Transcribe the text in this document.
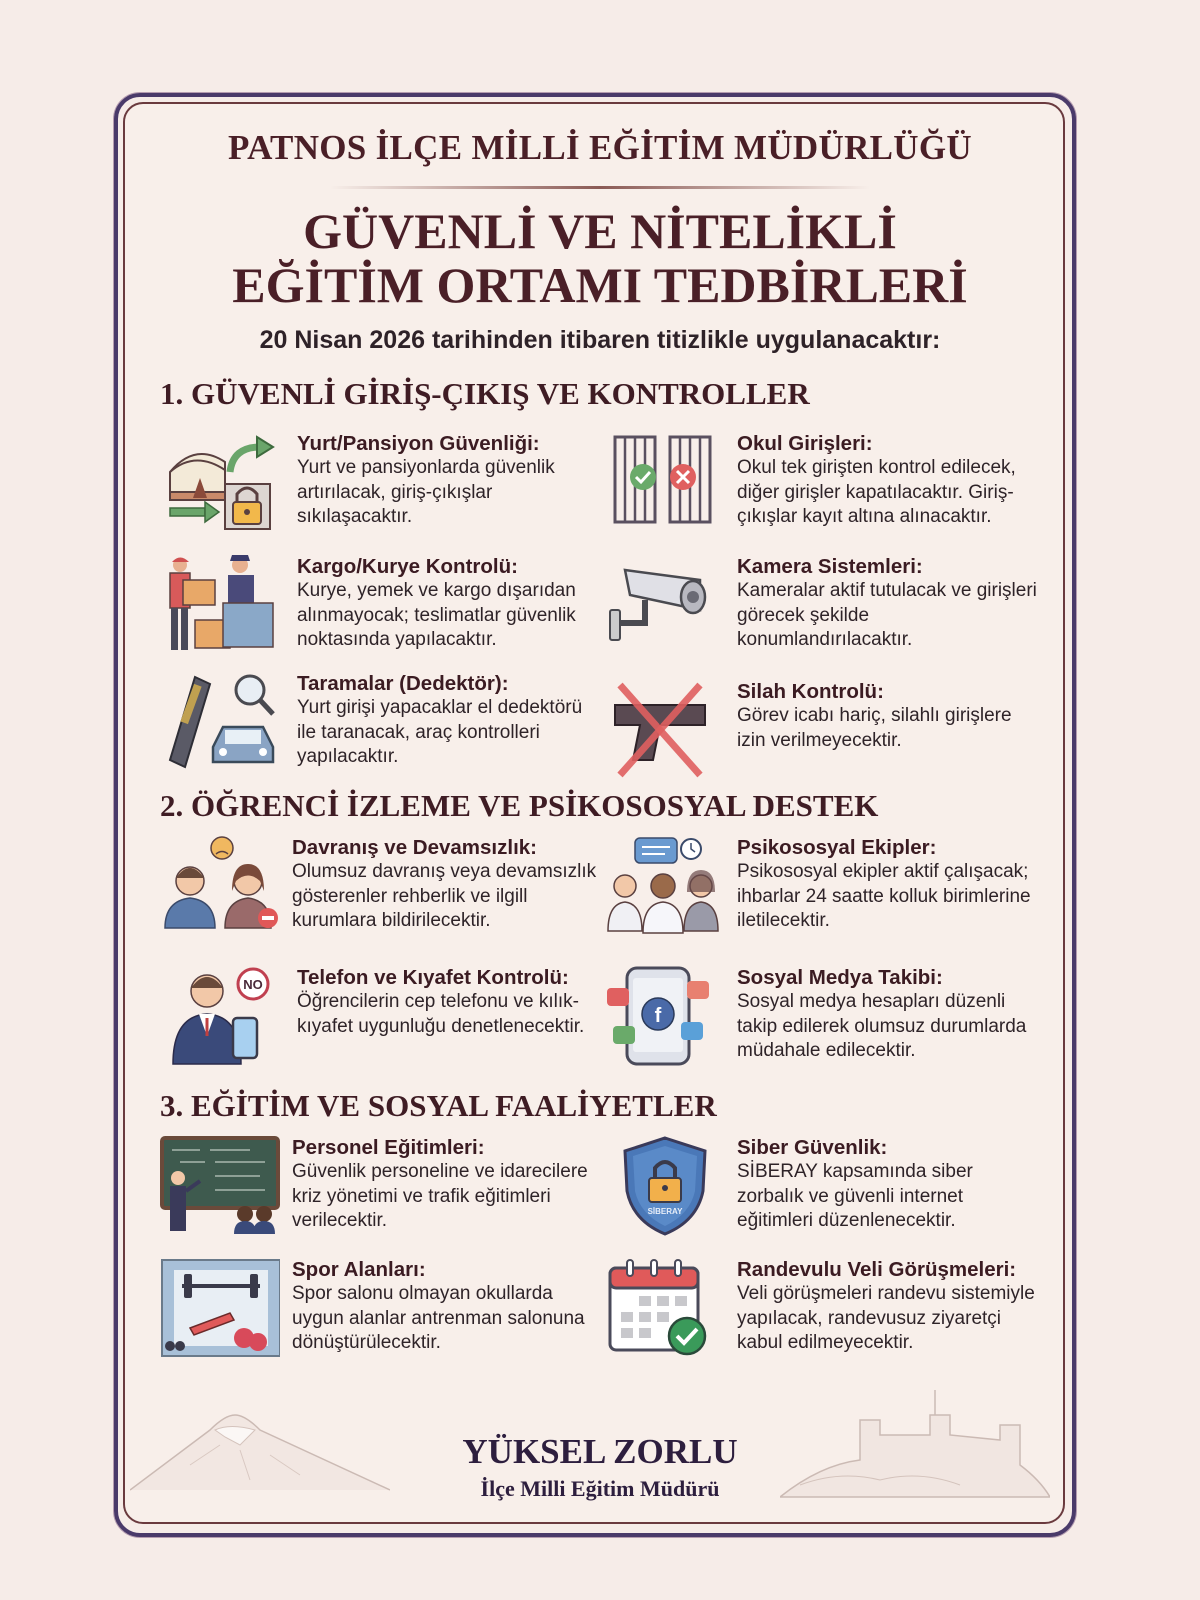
PATNOS İLÇE MİLLİ EĞİTİM MÜDÜRLÜĞÜ
GÜVENLİ VE NİTELİKLİ
EĞİTİM ORTAMI TEDBİRLERİ
20 Nisan 2026 tarihinden itibaren titizlikle uygulanacaktır:
1. GÜVENLİ GİRİŞ-ÇIKIŞ VE KONTROLLER
Yurt/Pansiyon Güvenliği:
Yurt ve pansiyonlarda güvenlik artırılacak, giriş-çıkışlar sıkılaşacaktır.
Okul Girişleri:
Okul tek girişten kontrol edilecek, diğer girişler kapatılacaktır. Giriş-çıkışlar kayıt altına alınacaktır.
Kargo/Kurye Kontrolü:
Kurye, yemek ve kargo dışarıdan alınmayocak; teslimatlar güvenlik noktasında yapılacaktır.
Kamera Sistemleri:
Kameralar aktif tutulacak ve girişleri görecek şekilde konumlandırılacaktır.
Taramalar (Dedektör):
Yurt girişi yapacaklar el dedektörü ile taranacak, araç kontrolleri yapılacaktır.
Silah Kontrolü:
Görev icabı hariç, silahlı girişlere izin verilmeyecektir.
2. ÖĞRENCİ İZLEME VE PSİKOSOSYAL DESTEK
Davranış ve Devamsızlık:
Olumsuz davranış veya devamsızlık gösterenler rehberlik ve ilgill kurumlara bildirilecektir.
Psikososyal Ekipler:
Psikososyal ekipler aktif çalışacak; ihbarlar 24 saatte kolluk birimlerine iletilecektir.
NO Telefon ve Kıyafet Kontrolü:
Öğrencilerin cep telefonu ve kılık-kıyafet uygunluğu denetlenecektir.	f
Sosyal Medya Takibi:
Sosyal medya hesapları düzenli takip edilerek olumsuz durumlarda müdahale edilecektir.
3. EĞİTİM VE SOSYAL FAALİYETLER
Personel Eğitimleri:
Güvenlik personeline ve idarecilere kriz yönetimi ve trafik eğitimleri verilecektir.	SİBERAY
Siber Güvenlik:
SİBERAY kapsamında siber zorbalık ve güvenli internet eğitimleri düzenlenecektir.
Spor Alanları:
Spor salonu olmayan okullarda uygun alanlar antrenman salonuna dönüştürülecektir.
Randevulu Veli Görüşmeleri:
Veli görüşmeleri randevu sistemiyle yapılacak, randevusuz ziyaretçi kabul edilmeyecektir.
YÜKSEL ZORLU
İlçe Milli Eğitim Müdürü
